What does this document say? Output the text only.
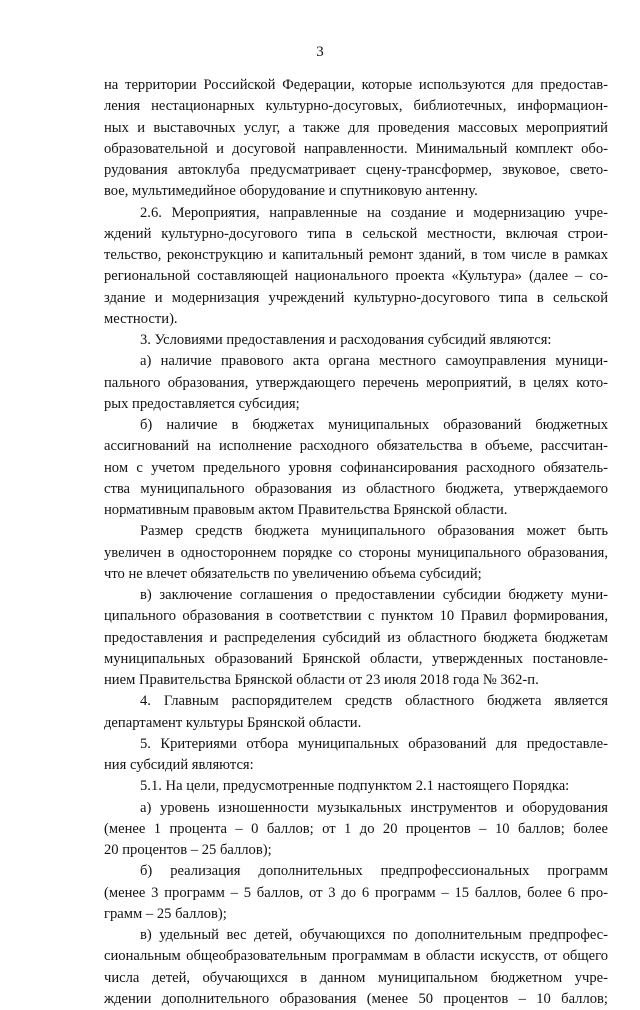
3

на территории Российской Федерации, которые используются для предостав-
ления нестационарных культурно-досуговых, библиотечных, информацион-
ных и выставочных услуг, а также для проведения массовых мероприятий
образовательной и досуговой направленности. Минимальный комплект обо-
рудования автоклуба предусматривает сцену-трансформер, звуковое, свето-
вое, мультимедийное оборудование и спутниковую антенну.

2.6. Мероприятия, направленные на создание и модернизацию учре-
ждений культурно-досугового типа в сельской местности, включая строи-
тельство, реконструкцию и капитальный ремонт зданий, в том числе в рамках
региональной составляющей национального проекта «Культура» (далее – со-
здание и модернизация учреждений культурно-досугового типа в сельской
местности).

3. Условиями предоставления и расходования субсидий являются:

а) наличие правового акта органа местного самоуправления муници-
пального образования, утверждающего перечень мероприятий, в целях кото-
рых предоставляется субсидия;

б) наличие в бюджетах муниципальных образований бюджетных
ассигнований на исполнение расходного обязательства в объеме, рассчитан-
ном с учетом предельного уровня софинансирования расходного обязатель-
ства муниципального образования из областного бюджета, утверждаемого
нормативным правовым актом Правительства Брянской области.

Размер средств бюджета муниципального образования может быть
увеличен в одностороннем порядке со стороны муниципального образования,
что не влечет обязательств по увеличению объема субсидий;

в) заключение соглашения о предоставлении субсидии бюджету муни-
ципального образования в соответствии с пунктом 10 Правил формирования,
предоставления и распределения субсидий из областного бюджета бюджетам
муниципальных образований Брянской области, утвержденных постановле-
нием Правительства Брянской области от 23 июля 2018 года № 362-п.

4. Главным распорядителем средств областного бюджета является
департамент культуры Брянской области.

5. Критериями отбора муниципальных образований для предоставле-
ния субсидий являются:

5.1. На цели, предусмотренные подпунктом 2.1 настоящего Порядка:

а) уровень изношенности музыкальных инструментов и оборудования
(менее 1 процента – 0 баллов; от 1 до 20 процентов – 10 баллов; более
20 процентов – 25 баллов);

б) реализация дополнительных предпрофессиональных программ
(менее 3 программ – 5 баллов, от 3 до 6 программ – 15 баллов, более 6 про-
грамм – 25 баллов);

в) удельный вес детей, обучающихся по дополнительным предпрофес-
сиональным общеобразовательным программам в области искусств, от общего
числа детей, обучающихся в данном муниципальном бюджетном учре-
ждении дополнительного образования (менее 50 процентов – 10 баллов;
